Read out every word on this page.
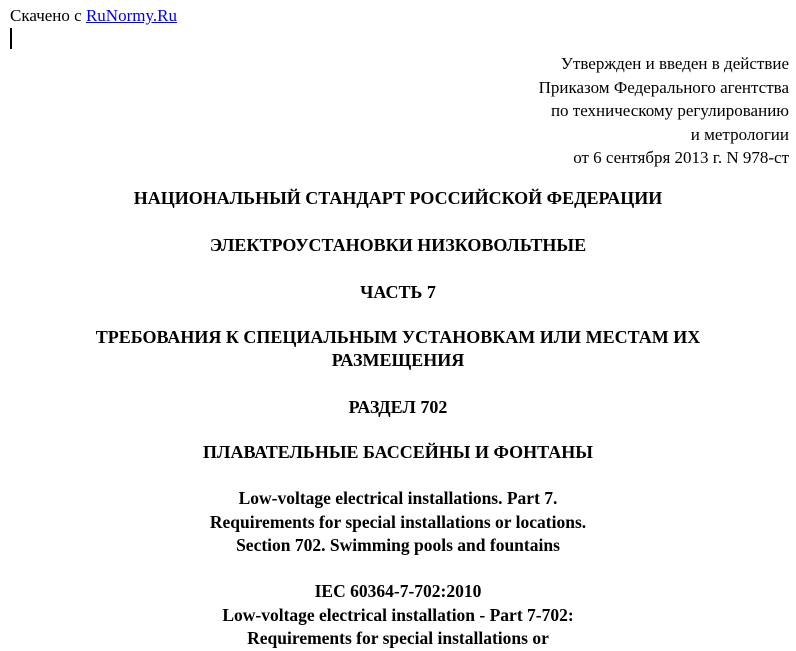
Скачено с RuNormy.Ru
Утвержден и введен в действие
Приказом Федерального агентства
по техническому регулированию
и метрологии
от 6 сентября 2013 г. N 978-ст
НАЦИОНАЛЬНЫЙ СТАНДАРТ РОССИЙСКОЙ ФЕДЕРАЦИИ
ЭЛЕКТРОУСТАНОВКИ НИЗКОВОЛЬТНЫЕ
ЧАСТЬ 7
ТРЕБОВАНИЯ К СПЕЦИАЛЬНЫМ УСТАНОВКАМ ИЛИ МЕСТАМ ИХ
РАЗМЕЩЕНИЯ
РАЗДЕЛ 702
ПЛАВАТЕЛЬНЫЕ БАССЕЙНЫ И ФОНТАНЫ
Low-voltage electrical installations. Part 7.
Requirements for special installations or locations.
Section 702. Swimming pools and fountains
IEC 60364-7-702:2010
Low-voltage electrical installation - Part 7-702:
Requirements for special installations or
